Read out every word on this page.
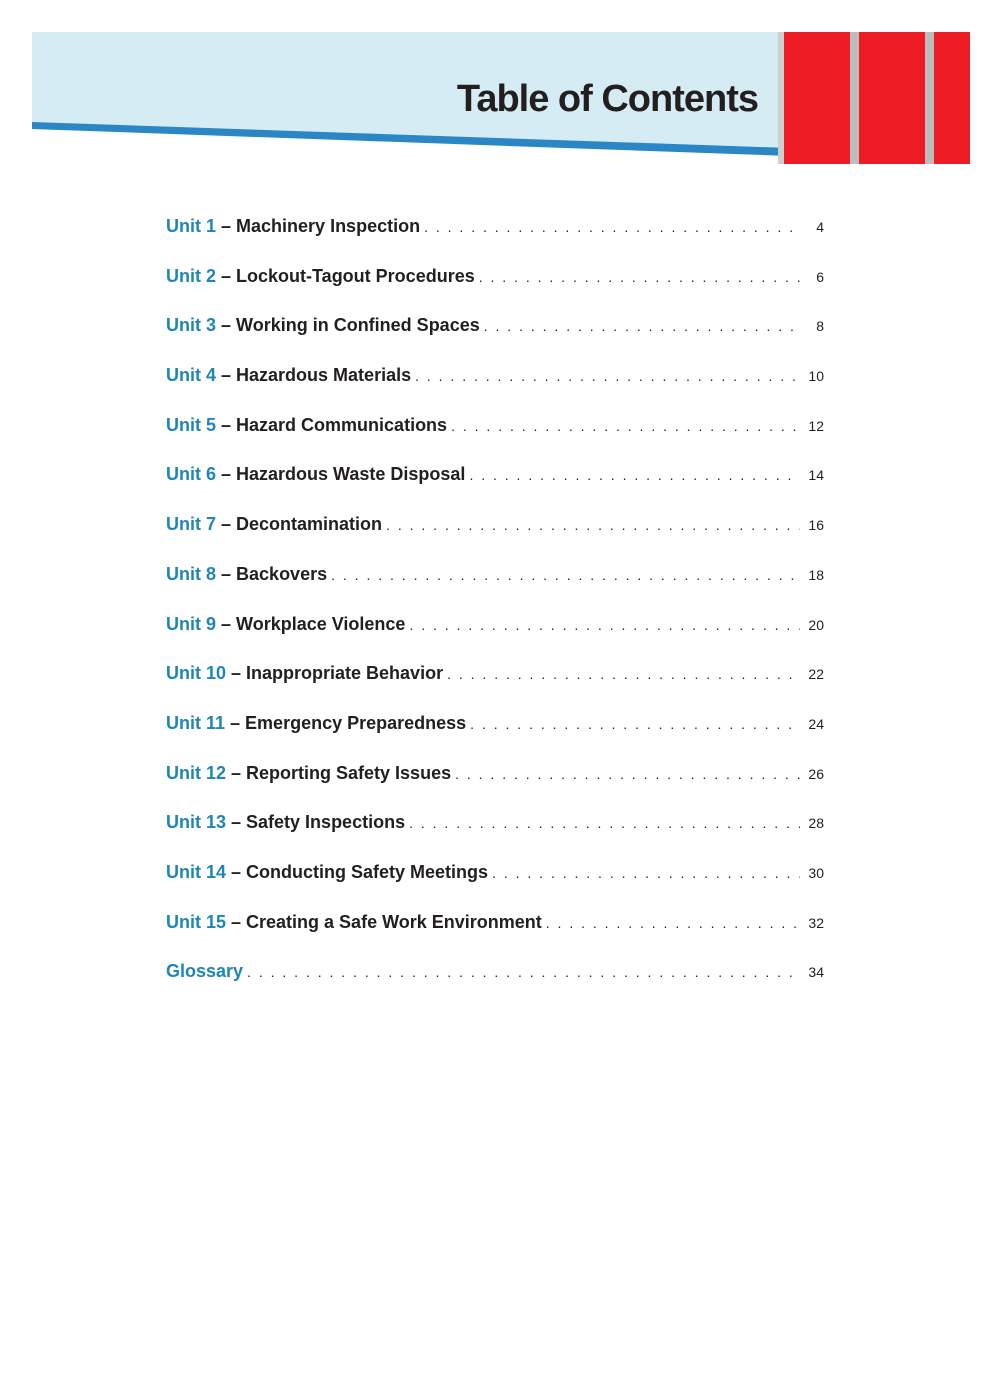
Table of Contents
Unit 1 – Machinery Inspection . . .	4
Unit 2 – Lockout-Tagout Procedures . . .	6
Unit 3 – Working in Confined Spaces . . .	8
Unit 4 – Hazardous Materials . . .	10
Unit 5 – Hazard Communications . . .	12
Unit 6 – Hazardous Waste Disposal . . .	14
Unit 7 – Decontamination . . .	16
Unit 8 – Backovers . . .	18
Unit 9 – Workplace Violence . . .	20
Unit 10 – Inappropriate Behavior . . .	22
Unit 11 – Emergency Preparedness . . .	24
Unit 12 – Reporting Safety Issues . . .	26
Unit 13 – Safety Inspections . . .	28
Unit 14 – Conducting Safety Meetings . . .	30
Unit 15 – Creating a Safe Work Environment . . .	32
Glossary . . .	34
